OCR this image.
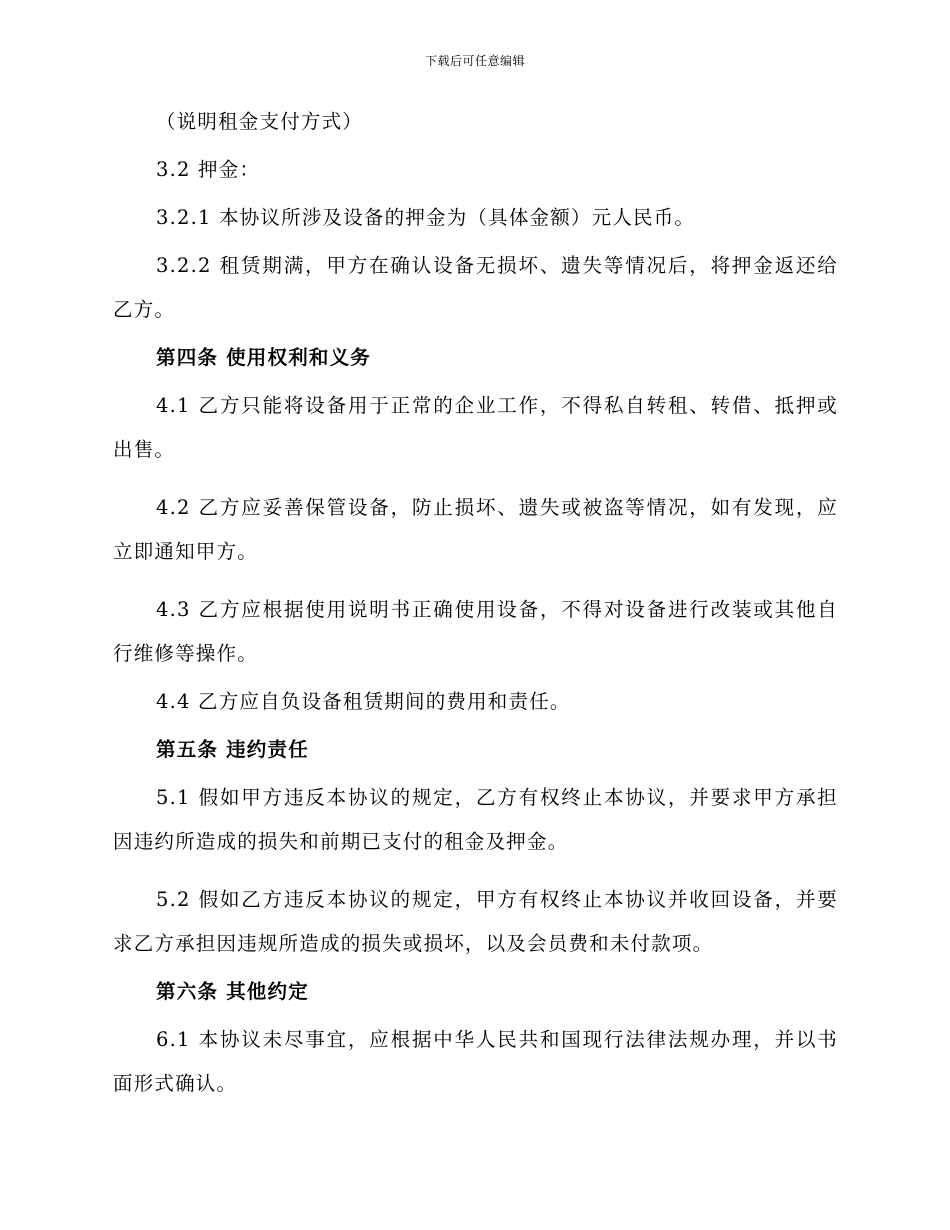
下载后可任意编辑

（说明租金支付方式）

3.2 押金：

3.2.1 本协议所涉及设备的押金为（具体金额）元人民币。

3.2.2 租赁期满，甲方在确认设备无损坏、遗失等情况后，将押金返还给乙方。

第四条 使用权利和义务

4.1 乙方只能将设备用于正常的企业工作，不得私自转租、转借、抵押或出售。

4.2 乙方应妥善保管设备，防止损坏、遗失或被盗等情况，如有发现，应立即通知甲方。

4.3 乙方应根据使用说明书正确使用设备，不得对设备进行改装或其他自行维修等操作。

4.4 乙方应自负设备租赁期间的费用和责任。

第五条 违约责任

5.1 假如甲方违反本协议的规定，乙方有权终止本协议，并要求甲方承担因违约所造成的损失和前期已支付的租金及押金。

5.2 假如乙方违反本协议的规定，甲方有权终止本协议并收回设备，并要求乙方承担因违规所造成的损失或损坏，以及会员费和未付款项。

第六条 其他约定

6.1 本协议未尽事宜，应根据中华人民共和国现行法律法规办理，并以书面形式确认。
